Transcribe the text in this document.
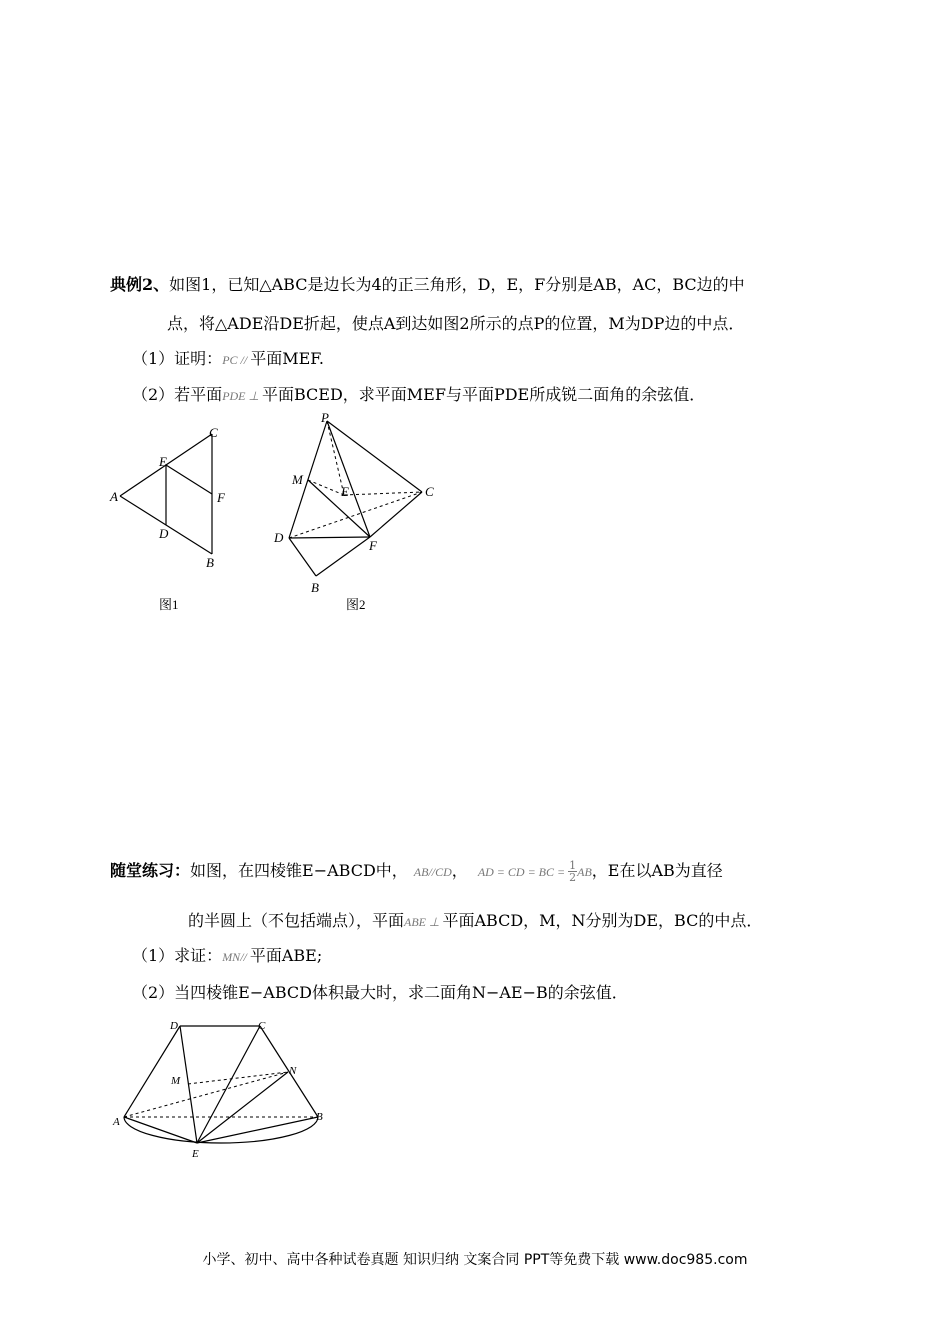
典例2、如图1，已知△ABC是边长为4的正三角形，D，E，F分别是AB，AC，BC边的中
点，将△ADE沿DE折起，使点A到达如图2所示的点P的位置，M为DP边的中点．
（1）证明：PC // 平面MEF.
（2）若平面PDE ⊥ 平面BCED，求平面MEF与平面PDE所成锐二面角的余弦值．
A
C
E
F
D
B
图1
P
M
E	C
D
F
B
图2
随堂练习：如图，在四棱锥E−ABCD中， AB//CD， AD = CD = BC = $\frac{1}{2}$ AB，E在以AB为直径
的半圆上（不包括端点），平面ABE ⊥ 平面ABCD，M，N分别为DE，BC的中点．
（1）求证：MN// 平面ABE;
（2）当四棱锥E−ABCD体积最大时，求二面角N−AE−B的余弦值．
D	C
M
N
A	B
E
小学、初中、高中各种试卷真题 知识归纳 文案合同 PPT等免费下载 www.doc985.com
